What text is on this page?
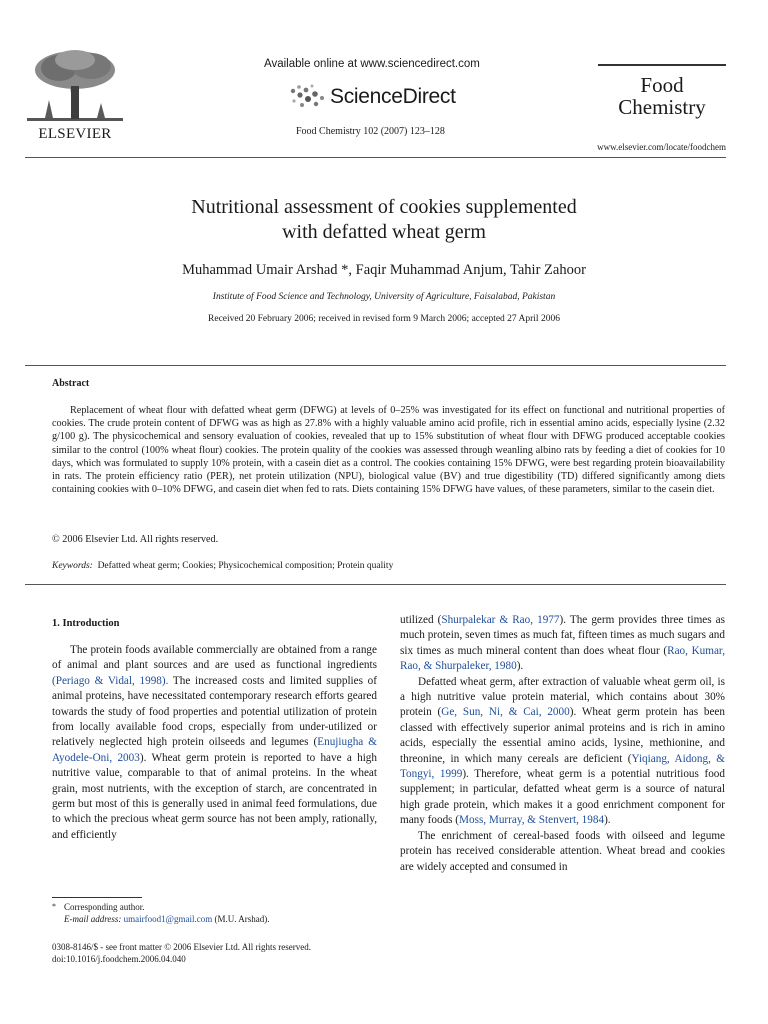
ELSEVIER
Available online at www.sciencedirect.com
ScienceDirect
Food Chemistry 102 (2007) 123–128
Food
Chemistry
www.elsevier.com/locate/foodchem
Nutritional assessment of cookies supplemented
with defatted wheat germ
Muhammad Umair Arshad *, Faqir Muhammad Anjum, Tahir Zahoor
Institute of Food Science and Technology, University of Agriculture, Faisalabad, Pakistan
Received 20 February 2006; received in revised form 9 March 2006; accepted 27 April 2006
Abstract
Replacement of wheat flour with defatted wheat germ (DFWG) at levels of 0–25% was investigated for its effect on functional and nutritional properties of cookies. The crude protein content of DFWG was as high as 27.8% with a highly valuable amino acid profile, rich in essential amino acids, especially lysine (2.32 g/100 g). The physicochemical and sensory evaluation of cookies, revealed that up to 15% substitution of wheat flour with DFWG produced acceptable cookies similar to the control (100% wheat flour) cookies. The protein quality of the cookies was assessed through weanling albino rats by feeding a diet of cookies for 10 days, which was formulated to supply 10% protein, with a casein diet as a control. The cookies containing 15% DFWG, were best regarding protein bioavailability in rats. The protein efficiency ratio (PER), net protein utilization (NPU), biological value (BV) and true digestibility (TD) differed significantly among diets containing cookies with 0–10% DFWG, and casein diet when fed to rats. Diets containing 15% DFWG have values, of these parameters, similar to the casein diet.
© 2006 Elsevier Ltd. All rights reserved.
Keywords: Defatted wheat germ; Cookies; Physicochemical composition; Protein quality
1. Introduction

The protein foods available commercially are obtained from a range of animal and plant sources and are used as functional ingredients (Periago & Vidal, 1998). The increased costs and limited supplies of animal proteins, have necessitated contemporary research efforts geared towards the study of food properties and potential utilization of protein from locally available food crops, especially from under-utilized or relatively neglected high protein oilseeds and legumes (Enujiugha & Ayodele-Oni, 2003). Wheat germ protein is reported to have a high nutritive value, comparable to that of animal proteins. In the wheat grain, most nutrients, with the exception of starch, are concentrated in germ but most of this is generally used in animal feed formulations, due to which the precious wheat germ source has not been amply, rationally, and efficiently

utilized (Shurpalekar & Rao, 1977). The germ provides three times as much protein, seven times as much fat, fifteen times as much sugars and six times as much mineral content than does wheat flour (Rao, Kumar, Rao, & Shurpaleker, 1980).

Defatted wheat germ, after extraction of valuable wheat germ oil, is a high nutritive value protein material, which contains about 30% protein (Ge, Sun, Ni, & Cai, 2000). Wheat germ protein has been classed with effectively superior animal proteins and is rich in amino acids, especially the essential amino acids, lysine, methionine, and threonine, in which many cereals are deficient (Yiqiang, Aidong, & Tongyi, 1999). Therefore, wheat germ is a potential nutritious food supplement; in particular, defatted wheat germ is a source of natural high grade protein, which makes it a good enrichment component for many foods (Moss, Murray, & Stenvert, 1984).

The enrichment of cereal-based foods with oilseed and legume protein has received considerable attention. Wheat bread and cookies are widely accepted and consumed in

* Corresponding author.
E-mail address: umairfood1@gmail.com (M.U. Arshad).
0308-8146/$ - see front matter © 2006 Elsevier Ltd. All rights reserved.
doi:10.1016/j.foodchem.2006.04.040
